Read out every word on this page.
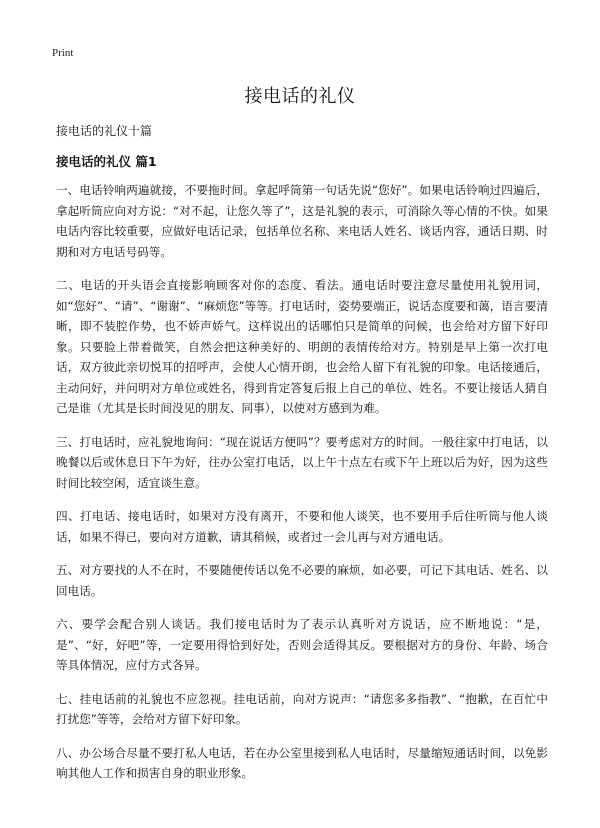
Print
接电话的礼仪
接电话的礼仪十篇
接电话的礼仪 篇1

一、电话铃响两遍就接，不要拖时间。拿起呼筒第一句话先说“您好”。如果电话铃响过四遍后，拿起听筒应向对方说：“对不起，让您久等了”，这是礼貌的表示，可消除久等心情的不快。如果电话内容比较重要，应做好电话记录，包括单位名称、来电话人姓名、谈话内容，通话日期、时期和对方电话号码等。

二、电话的开头语会直接影响顾客对你的态度、看法。通电话时要注意尽量使用礼貌用词，如“您好”、“请”、“谢谢”、“麻烦您”等等。打电话时，姿势要端正，说话态度要和蔼，语言要清晰，即不装腔作势，也不娇声娇气。这样说出的话哪怕只是简单的问候，也会给对方留下好印象。只要脸上带着微笑，自然会把这种美好的、明朗的表情传给对方。特别是早上第一次打电话，双方彼此亲切悦耳的招呼声，会使人心情开朗，也会给人留下有礼貌的印象。电话接通后，主动问好，并问明对方单位或姓名，得到肯定答复后报上自己的单位、姓名。不要让接话人猜自己是谁（尤其是长时间没见的朋友、同事），以使对方感到为难。

三、打电话时，应礼貌地询问：“现在说话方便吗”？要考虑对方的时间。一般往家中打电话，以晚餐以后或休息日下午为好，往办公室打电话，以上午十点左右或下午上班以后为好，因为这些时间比较空闲，适宜谈生意。

四、打电话、接电话时，如果对方没有离开，不要和他人谈笑，也不要用手后住听筒与他人谈话，如果不得已，要向对方道歉，请其稍候，或者过一会儿再与对方通电话。

五、对方要找的人不在时，不要随便传话以免不必要的麻烦，如必要，可记下其电话、姓名、以回电话。

六、要学会配合别人谈话。我们接电话时为了表示认真听对方说话，应不断地说：“是，是”、“好，好吧”等，一定要用得恰到好处，否则会适得其反。要根据对方的身份、年龄、场合等具体情况，应付方式各异。

七、挂电话前的礼貌也不应忽视。挂电话前，向对方说声：“请您多多指教”、“抱歉，在百忙中打扰您”等等，会给对方留下好印象。

八、办公场合尽量不要打私人电话，若在办公室里接到私人电话时，尽量缩短通话时间，以免影响其他人工作和损害自身的职业形象。
